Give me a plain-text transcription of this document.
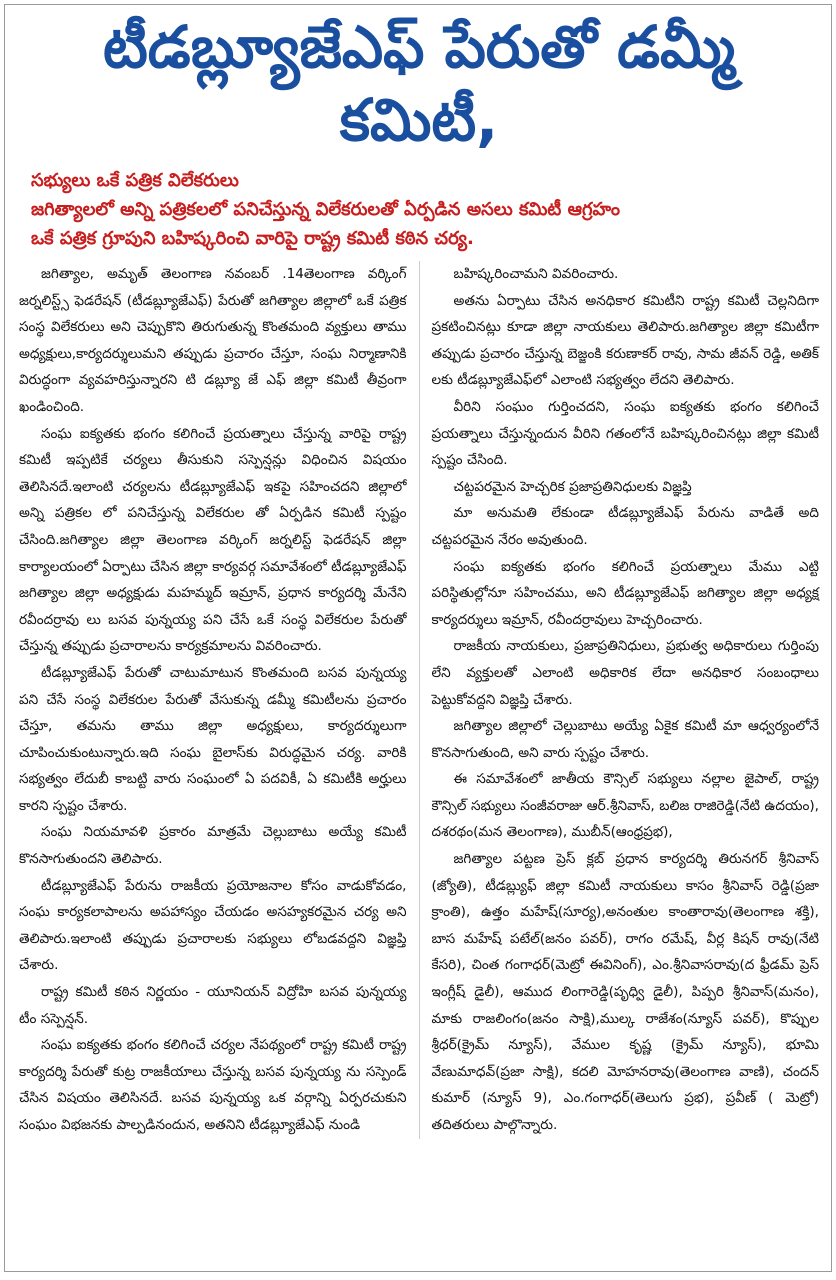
టీడబ్ల్యూజేఎఫ్ పేరుతో డమ్మీ కమిటీ,
సభ్యులు ఒకే పత్రిక విలేకరులు
జగిత్యాలలో అన్ని పత్రికలలో పనిచేస్తున్న విలేకరులతో ఏర్పడిన అసలు కమిటీ ఆగ్రహం
ఒకే పత్రిక గ్రూపుని బహిష్కరించి వారిపై రాష్ట్ర కమిటీ కఠిన చర్య.

జగిత్యాల, అమృత్ తెలంగాణ నవంబర్ .14తెలంగాణ వర్కింగ్ జర్నలిస్ట్స్ ఫెడరేషన్ (టీడబ్ల్యూజేఎఫ్) పేరుతో జగిత్యాల జిల్లాలో ఒకే పత్రిక సంస్థ విలేకరులు అని చెప్పుకొని తిరుగుతున్న కొంతమంది వ్యక్తులు తాము అధ్యక్షులు,కార్యదర్శులుమని తప్పుడు ప్రచారం చేస్తూ, సంఘ నిర్మాణానికి విరుద్ధంగా వ్యవహరిస్తున్నారని టి డబ్ల్యూ జే ఎఫ్ జిల్లా కమిటీ తీవ్రంగా ఖండించింది.

సంఘ ఐక్యతకు భంగం కలిగించే ప్రయత్నాలు చేస్తున్న వారిపై రాష్ట్ర కమిటీ ఇప్పటికే చర్యలు తీసుకుని సస్పెన్షన్లు విధించిన విషయం తెలిసినదే.ఇలాంటి చర్యలను టీడబ్ల్యూజేఎఫ్ ఇకపై సహించదని జిల్లాలో అన్ని పత్రికల లో పనిచేస్తున్న విలేకరుల తో ఏర్పడిన కమిటీ స్పష్టం చేసింది.జగిత్యాల జిల్లా తెలంగాణ వర్కింగ్ జర్నలిస్ట్ ఫెడరేషన్ జిల్లా కార్యాలయంలో ఏర్పాటు చేసిన జిల్లా కార్యవర్గ సమావేశంలో టీడబ్ల్యూజేఎఫ్ జగిత్యాల జిల్లా అధ్యక్షుడు మహమ్మద్ ఇమ్రాన్, ప్రధాన కార్యదర్శి మేనేని రవీందర్రావు లు బసవ పున్నయ్య పని చేసే ఒకే సంస్థ విలేకరుల పేరుతో చేస్తున్న తప్పుడు ప్రచారాలను కార్యక్రమాలను వివరించారు.

టీడబ్ల్యూజేఎఫ్ పేరుతో చాటుమాటున కొంతమంది బసవ పున్నయ్య పని చేసే సంస్థ విలేకరుల పేరుతో వేసుకున్న డమ్మీ కమిటీలను ప్రచారం చేస్తూ, తమను తాము జిల్లా అధ్యక్షులు, కార్యదర్శులుగా చూపించుకుంటున్నారు.ఇది సంఘ బైలాస్‌కు విరుద్ధమైన చర్య. వారికి సభ్యత్వం లేదుబీ కాబట్టి వారు సంఘంలో ఏ పదవికీ, ఏ కమిటీకి అర్హులు కారని స్పష్టం చేశారు.

సంఘ నియమావళి ప్రకారం మాత్రమే చెల్లుబాటు అయ్యే కమిటీ కొనసాగుతుందని తెలిపారు.

టీడబ్ల్యూజేఎఫ్ పేరును రాజకీయ ప్రయోజనాల కోసం వాడుకోవడం, సంఘ కార్యకలాపాలను అపహాస్యం చేయడం అసహ్యకరమైన చర్య అని తెలిపారు.ఇలాంటి తప్పుడు ప్రచారాలకు సభ్యులు లోబడవద్దని విజ్ఞప్తి చేశారు.

రాష్ట్ర కమిటీ కఠిన నిర్ణయం - యూనియన్ విద్రోహి బసవ పున్నయ్య టీం సస్పెన్షన్.

సంఘ ఐక్యతకు భంగం కలిగించే చర్యల నేపథ్యంలో రాష్ట్ర కమిటీ రాష్ట్ర కార్యదర్శి పేరుతో కుట్ర రాజకీయాలు చేస్తున్న బసవ పున్నయ్య ను సస్పెండ్ చేసిన విషయం తెలిసినదే. బసవ పున్నయ్య ఒక వర్గాన్ని ఏర్పరచుకుని సంఘం విభజనకు పాల్పడినందున, అతనిని టీడబ్ల్యూజేఎఫ్ నుండి

బహిష్కరించామని వివరించారు.

అతను ఏర్పాటు చేసిన అనధికార కమిటీని రాష్ట్ర కమిటీ చెల్లనిదిగా ప్రకటించినట్లు కూడా జిల్లా నాయకులు తెలిపారు.జగిత్యాల జిల్లా కమిటీగా తప్పుడు ప్రచారం చేస్తున్న బెజ్జంకి కరుణాకర్ రావు, సామ జీవన్ రెడ్డి, అతిక్ లకు టీడబ్ల్యూజేఎఫ్‌లో ఎలాంటి సభ్యత్వం లేదని తెలిపారు.

వీరిని సంఘం గుర్తించదని, సంఘ ఐక్యతకు భంగం కలిగించే ప్రయత్నాలు చేస్తున్నందున వీరిని గతంలోనే బహిష్కరించినట్లు జిల్లా కమిటీ స్పష్టం చేసింది.

చట్టపరమైన హెచ్చరిక ప్రజాప్రతినిధులకు విజ్ఞప్తి

మా అనుమతి లేకుండా టీడబ్ల్యూజేఎఫ్ పేరును వాడితే అది చట్టపరమైన నేరం అవుతుంది.

సంఘ ఐక్యతకు భంగం కలిగించే ప్రయత్నాలు మేము ఎట్టి పరిస్థితుల్లోనూ సహించము, అని టీడబ్ల్యూజేఎఫ్ జగిత్యాల జిల్లా అధ్యక్ష కార్యదర్శులు ఇమ్రాన్, రవీందర్రావులు హెచ్చరించారు.

రాజకీయ నాయకులు, ప్రజాప్రతినిధులు, ప్రభుత్వ అధికారులు గుర్తింపు లేని వ్యక్తులతో ఎలాంటి అధికారిక లేదా అనధికార సంబంధాలు పెట్టుకోవద్దని విజ్ఞప్తి చేశారు.

జగిత్యాల జిల్లాలో చెల్లుబాటు అయ్యే ఏకైక కమిటీ మా ఆధ్వర్యంలోనే కొనసాగుతుంది, అని వారు స్పష్టం చేశారు.

ఈ సమావేశంలో జాతీయ కౌన్సిల్ సభ్యులు నల్లాల జైపాల్, రాష్ట్ర కౌన్సిల్ సభ్యులు సంజీవరాజు ఆర్.శ్రీనివాస్, బలిజ రాజిరెడ్డి(నేటి ఉదయం), దశరథం(మన తెలంగాణ), ముబీన్(ఆంధ్రప్రభ),

జగిత్యాల పట్టణ ప్రెస్ క్లబ్ ప్రధాన కార్యదర్శి తిరునగర్ శ్రీనివాస్ (జ్యోతి), టీడబ్ల్యుఫ్ జిల్లా కమిటీ నాయకులు కాసం శ్రీనివాస్ రెడ్డి(ప్రజా క్రాంతి), ఉత్తం మహేష్(సూర్య),అనంతుల కాంతారావు(తెలంగాణ శక్తి), బాస మహేష్ పటేల్(జనం పవర్), రాగం రమేష్, వీర్ల కిషన్ రావు(నేటి కేసరి), చింత గంగాధర్(మెట్రో ఈవినింగ్), ఎం.శ్రీనివాసరావు(ద ఫ్రీడమ్ ప్రెస్ ఇంగ్లీష్ డైలీ), ఆముద లింగారెడ్డి(పృధ్వి డైలీ), పిప్పరి శ్రీనివాస్(మనం), మాకు రాజలింగం(జనం సాక్షి),ముల్క రాజేశం(న్యూస్ పవర్), కొప్పుల శ్రీధర్(క్రైమ్ న్యూస్), వేముల కృష్ణ (క్రైమ్ న్యూస్), భూమి వేణుమాధవ్(ప్రజా సాక్షి), కదలి మోహనరావు(తెలంగాణ వాణి), చందన్ కుమార్ (న్యూస్ 9), ఎం.గంగాధర్(తెలుగు ప్రభ), ప్రవీణ్ ( మెట్రో) తదితరులు పాల్గొన్నారు.
